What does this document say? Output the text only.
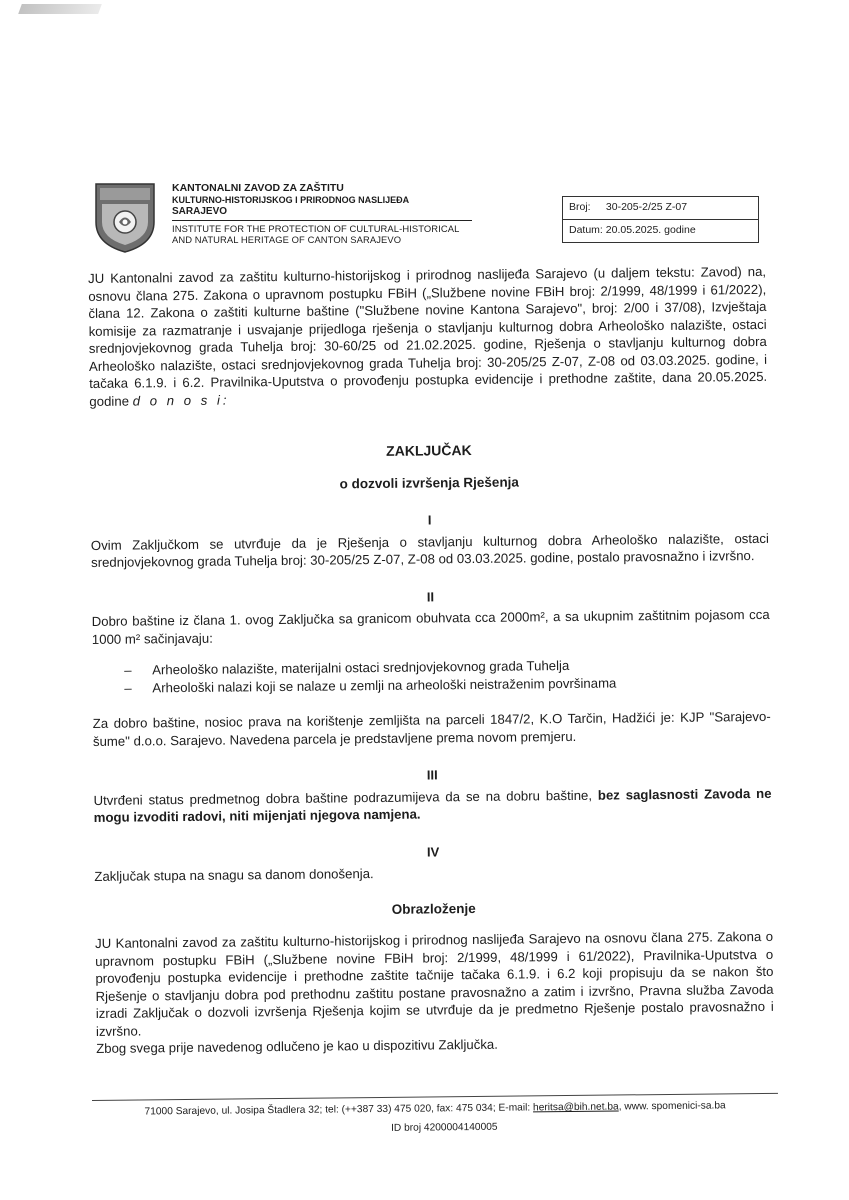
KANTONALNI ZAVOD ZA ZAŠTITU
KULTURNO-HISTORIJSKOG I PRIRODNOG NASLIJEĐA
SARAJEVO
INSTITUTE FOR THE PROTECTION OF CULTURAL-HISTORICAL
AND NATURAL HERITAGE OF CANTON SARAJEVO
Broj: 30-205-2/25 Z-07
Datum: 20.05.2025. godine

JU Kantonalni zavod za zaštitu kulturno-historijskog i prirodnog naslijeđa Sarajevo (u daljem tekstu: Zavod) na, osnovu člana 275. Zakona o upravnom postupku FBiH („Službene novine FBiH broj: 2/1999, 48/1999 i 61/2022), člana 12. Zakona o zaštiti kulturne baštine ("Službene novine Kantona Sarajevo", broj: 2/00 i 37/08), Izvještaja komisije za razmatranje i usvajanje prijedloga rješenja o stavljanju kulturnog dobra Arheološko nalazište, ostaci srednjovjekovnog grada Tuhelja broj: 30-60/25 od 21.02.2025. godine, Rješenja o stavljanju kulturnog dobra Arheološko nalazište, ostaci srednjovjekovnog grada Tuhelja broj: 30-205/25 Z-07, Z-08 od 03.03.2025. godine, i tačaka 6.1.9. i 6.2. Pravilnika-Uputstva o provođenju postupka evidencije i prethodne zaštite, dana 20.05.2025. godine d o n o s i:

ZAKLJUČAK
o dozvoli izvršenja Rješenja
I

Ovim Zaključkom se utvrđuje da je Rješenja o stavljanju kulturnog dobra Arheološko nalazište, ostaci srednjovjekovnog grada Tuhelja broj: 30-205/25 Z-07, Z-08 od 03.03.2025. godine, postalo pravosnažno i izvršno.

II

Dobro baštine iz člana 1. ovog Zaključka sa granicom obuhvata cca 2000m², a sa ukupnim zaštitnim pojasom cca 1000 m² sačinjavaju:

– Arheološko nalazište, materijalni ostaci srednjovjekovnog grada Tuhelja
– Arheološki nalazi koji se nalaze u zemlji na arheološki neistraženim površinama

Za dobro baštine, nosioc prava na korištenje zemljišta na parceli 1847/2, K.O Tarčin, Hadžići je: KJP "Sarajevo-šume" d.o.o. Sarajevo. Navedena parcela je predstavljene prema novom premjeru.

III

Utvrđeni status predmetnog dobra baštine podrazumijeva da se na dobru baštine, bez saglasnosti Zavoda ne mogu izvoditi radovi, niti mijenjati njegova namjena.

IV

Zaključak stupa na snagu sa danom donošenja.

Obrazloženje

JU Kantonalni zavod za zaštitu kulturno-historijskog i prirodnog naslijeđa Sarajevo na osnovu člana 275. Zakona o upravnom postupku FBiH („Službene novine FBiH broj: 2/1999, 48/1999 i 61/2022), Pravilnika-Uputstva o provođenju postupka evidencije i prethodne zaštite tačnije tačaka 6.1.9. i 6.2 koji propisuju da se nakon što Rješenje o stavljanju dobra pod prethodnu zaštitu postane pravosnažno a zatim i izvršno, Pravna služba Zavoda izradi Zaključak o dozvoli izvršenja Rješenja kojim se utvrđuje da je predmetno Rješenje postalo pravosnažno i izvršno.

Zbog svega prije navedenog odlučeno je kao u dispozitivu Zaključka.

71000 Sarajevo, ul. Josipa Štadlera 32; tel: (++387 33) 475 020, fax: 475 034; E-mail: heritsa@bih.net.ba, www. spomenici-sa.ba
ID broj 4200004140005
